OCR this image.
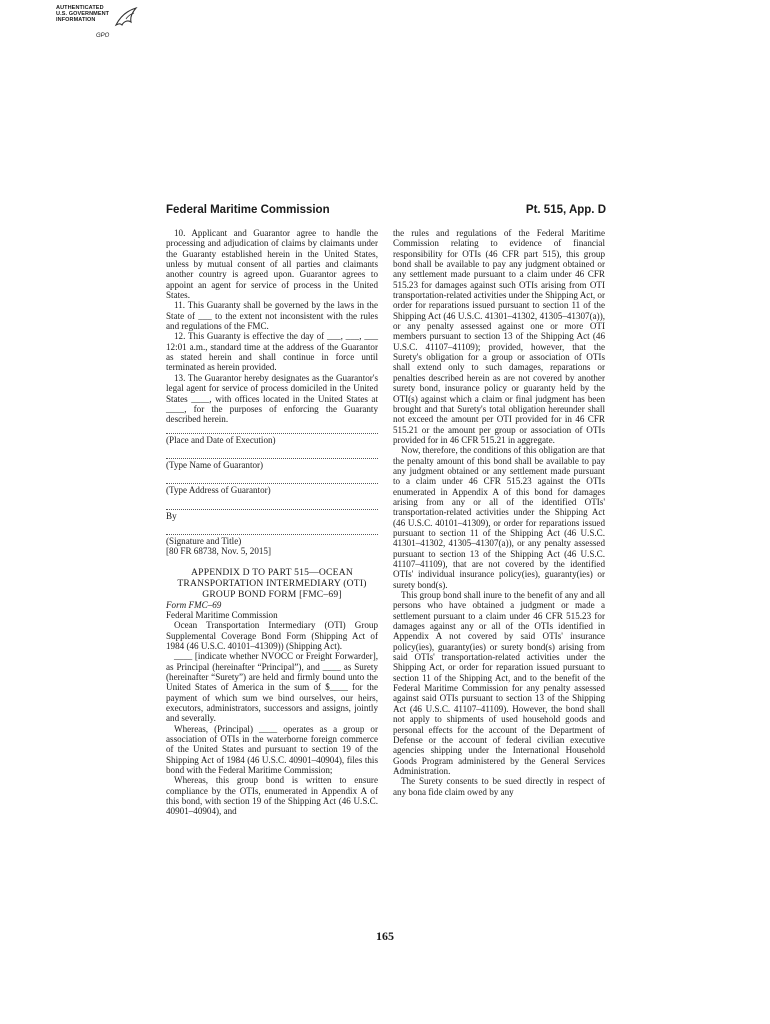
AUTHENTICATED
U.S. GOVERNMENT
INFORMATION
GPO
Federal Maritime Commission	Pt. 515, App. D

10. Applicant and Guarantor agree to handle the processing and adjudication of claims by claimants under the Guaranty established herein in the United States, unless by mutual consent of all parties and claimants another country is agreed upon. Guarantor agrees to appoint an agent for service of process in the United States.

11. This Guaranty shall be governed by the laws in the State of ___ to the extent not inconsistent with the rules and regulations of the FMC.

12. This Guaranty is effective the day of ___, ___, ___ 12:01 a.m., standard time at the address of the Guarantor as stated herein and shall continue in force until terminated as herein provided.

13. The Guarantor hereby designates as the Guarantor's legal agent for service of process domiciled in the United States ____, with offices located in the United States at ____, for the purposes of enforcing the Guaranty described herein.

(Place and Date of Execution)
(Type Name of Guarantor)
(Type Address of Guarantor)
By
(Signature and Title)

[80 FR 68738, Nov. 5, 2015]

APPENDIX D TO PART 515—OCEAN TRANSPORTATION INTERMEDIARY (OTI) GROUP BOND FORM [FMC–69]

Form FMC–69

Federal Maritime Commission

Ocean Transportation Intermediary (OTI) Group Supplemental Coverage Bond Form (Shipping Act of 1984 (46 U.S.C. 40101–41309)) (Shipping Act).

____ [indicate whether NVOCC or Freight Forwarder], as Principal (hereinafter “Principal”), and ____ as Surety (hereinafter “Surety”) are held and firmly bound unto the United States of America in the sum of $____ for the payment of which sum we bind ourselves, our heirs, executors, administrators, successors and assigns, jointly and severally.

Whereas, (Principal) ____ operates as a group or association of OTIs in the waterborne foreign commerce of the United States and pursuant to section 19 of the Shipping Act of 1984 (46 U.S.C. 40901–40904), files this bond with the Federal Maritime Commission;

Whereas, this group bond is written to ensure compliance by the OTIs, enumerated in Appendix A of this bond, with section 19 of the Shipping Act (46 U.S.C. 40901–40904), and

the rules and regulations of the Federal Maritime Commission relating to evidence of financial responsibility for OTIs (46 CFR part 515), this group bond shall be available to pay any judgment obtained or any settlement made pursuant to a claim under 46 CFR 515.23 for damages against such OTIs arising from OTI transportation-related activities under the Shipping Act, or order for reparations issued pursuant to section 11 of the Shipping Act (46 U.S.C. 41301–41302, 41305–41307(a)), or any penalty assessed against one or more OTI members pursuant to section 13 of the Shipping Act (46 U.S.C. 41107–41109); provided, however, that the Surety's obligation for a group or association of OTIs shall extend only to such damages, reparations or penalties described herein as are not covered by another surety bond, insurance policy or guaranty held by the OTI(s) against which a claim or final judgment has been brought and that Surety's total obligation hereunder shall not exceed the amount per OTI provided for in 46 CFR 515.21 or the amount per group or association of OTIs provided for in 46 CFR 515.21 in aggregate.

Now, therefore, the conditions of this obligation are that the penalty amount of this bond shall be available to pay any judgment obtained or any settlement made pursuant to a claim under 46 CFR 515.23 against the OTIs enumerated in Appendix A of this bond for damages arising from any or all of the identified OTIs' transportation-related activities under the Shipping Act (46 U.S.C. 40101–41309), or order for reparations issued pursuant to section 11 of the Shipping Act (46 U.S.C. 41301–41302, 41305–41307(a)), or any penalty assessed pursuant to section 13 of the Shipping Act (46 U.S.C. 41107–41109), that are not covered by the identified OTIs' individual insurance policy(ies), guaranty(ies) or surety bond(s).

This group bond shall inure to the benefit of any and all persons who have obtained a judgment or made a settlement pursuant to a claim under 46 CFR 515.23 for damages against any or all of the OTIs identified in Appendix A not covered by said OTIs' insurance policy(ies), guaranty(ies) or surety bond(s) arising from said OTIs' transportation-related activities under the Shipping Act, or order for reparation issued pursuant to section 11 of the Shipping Act, and to the benefit of the Federal Maritime Commission for any penalty assessed against said OTIs pursuant to section 13 of the Shipping Act (46 U.S.C. 41107–41109). However, the bond shall not apply to shipments of used household goods and personal effects for the account of the Department of Defense or the account of federal civilian executive agencies shipping under the International Household Goods Program administered by the General Services Administration.

The Surety consents to be sued directly in respect of any bona fide claim owed by any

165
